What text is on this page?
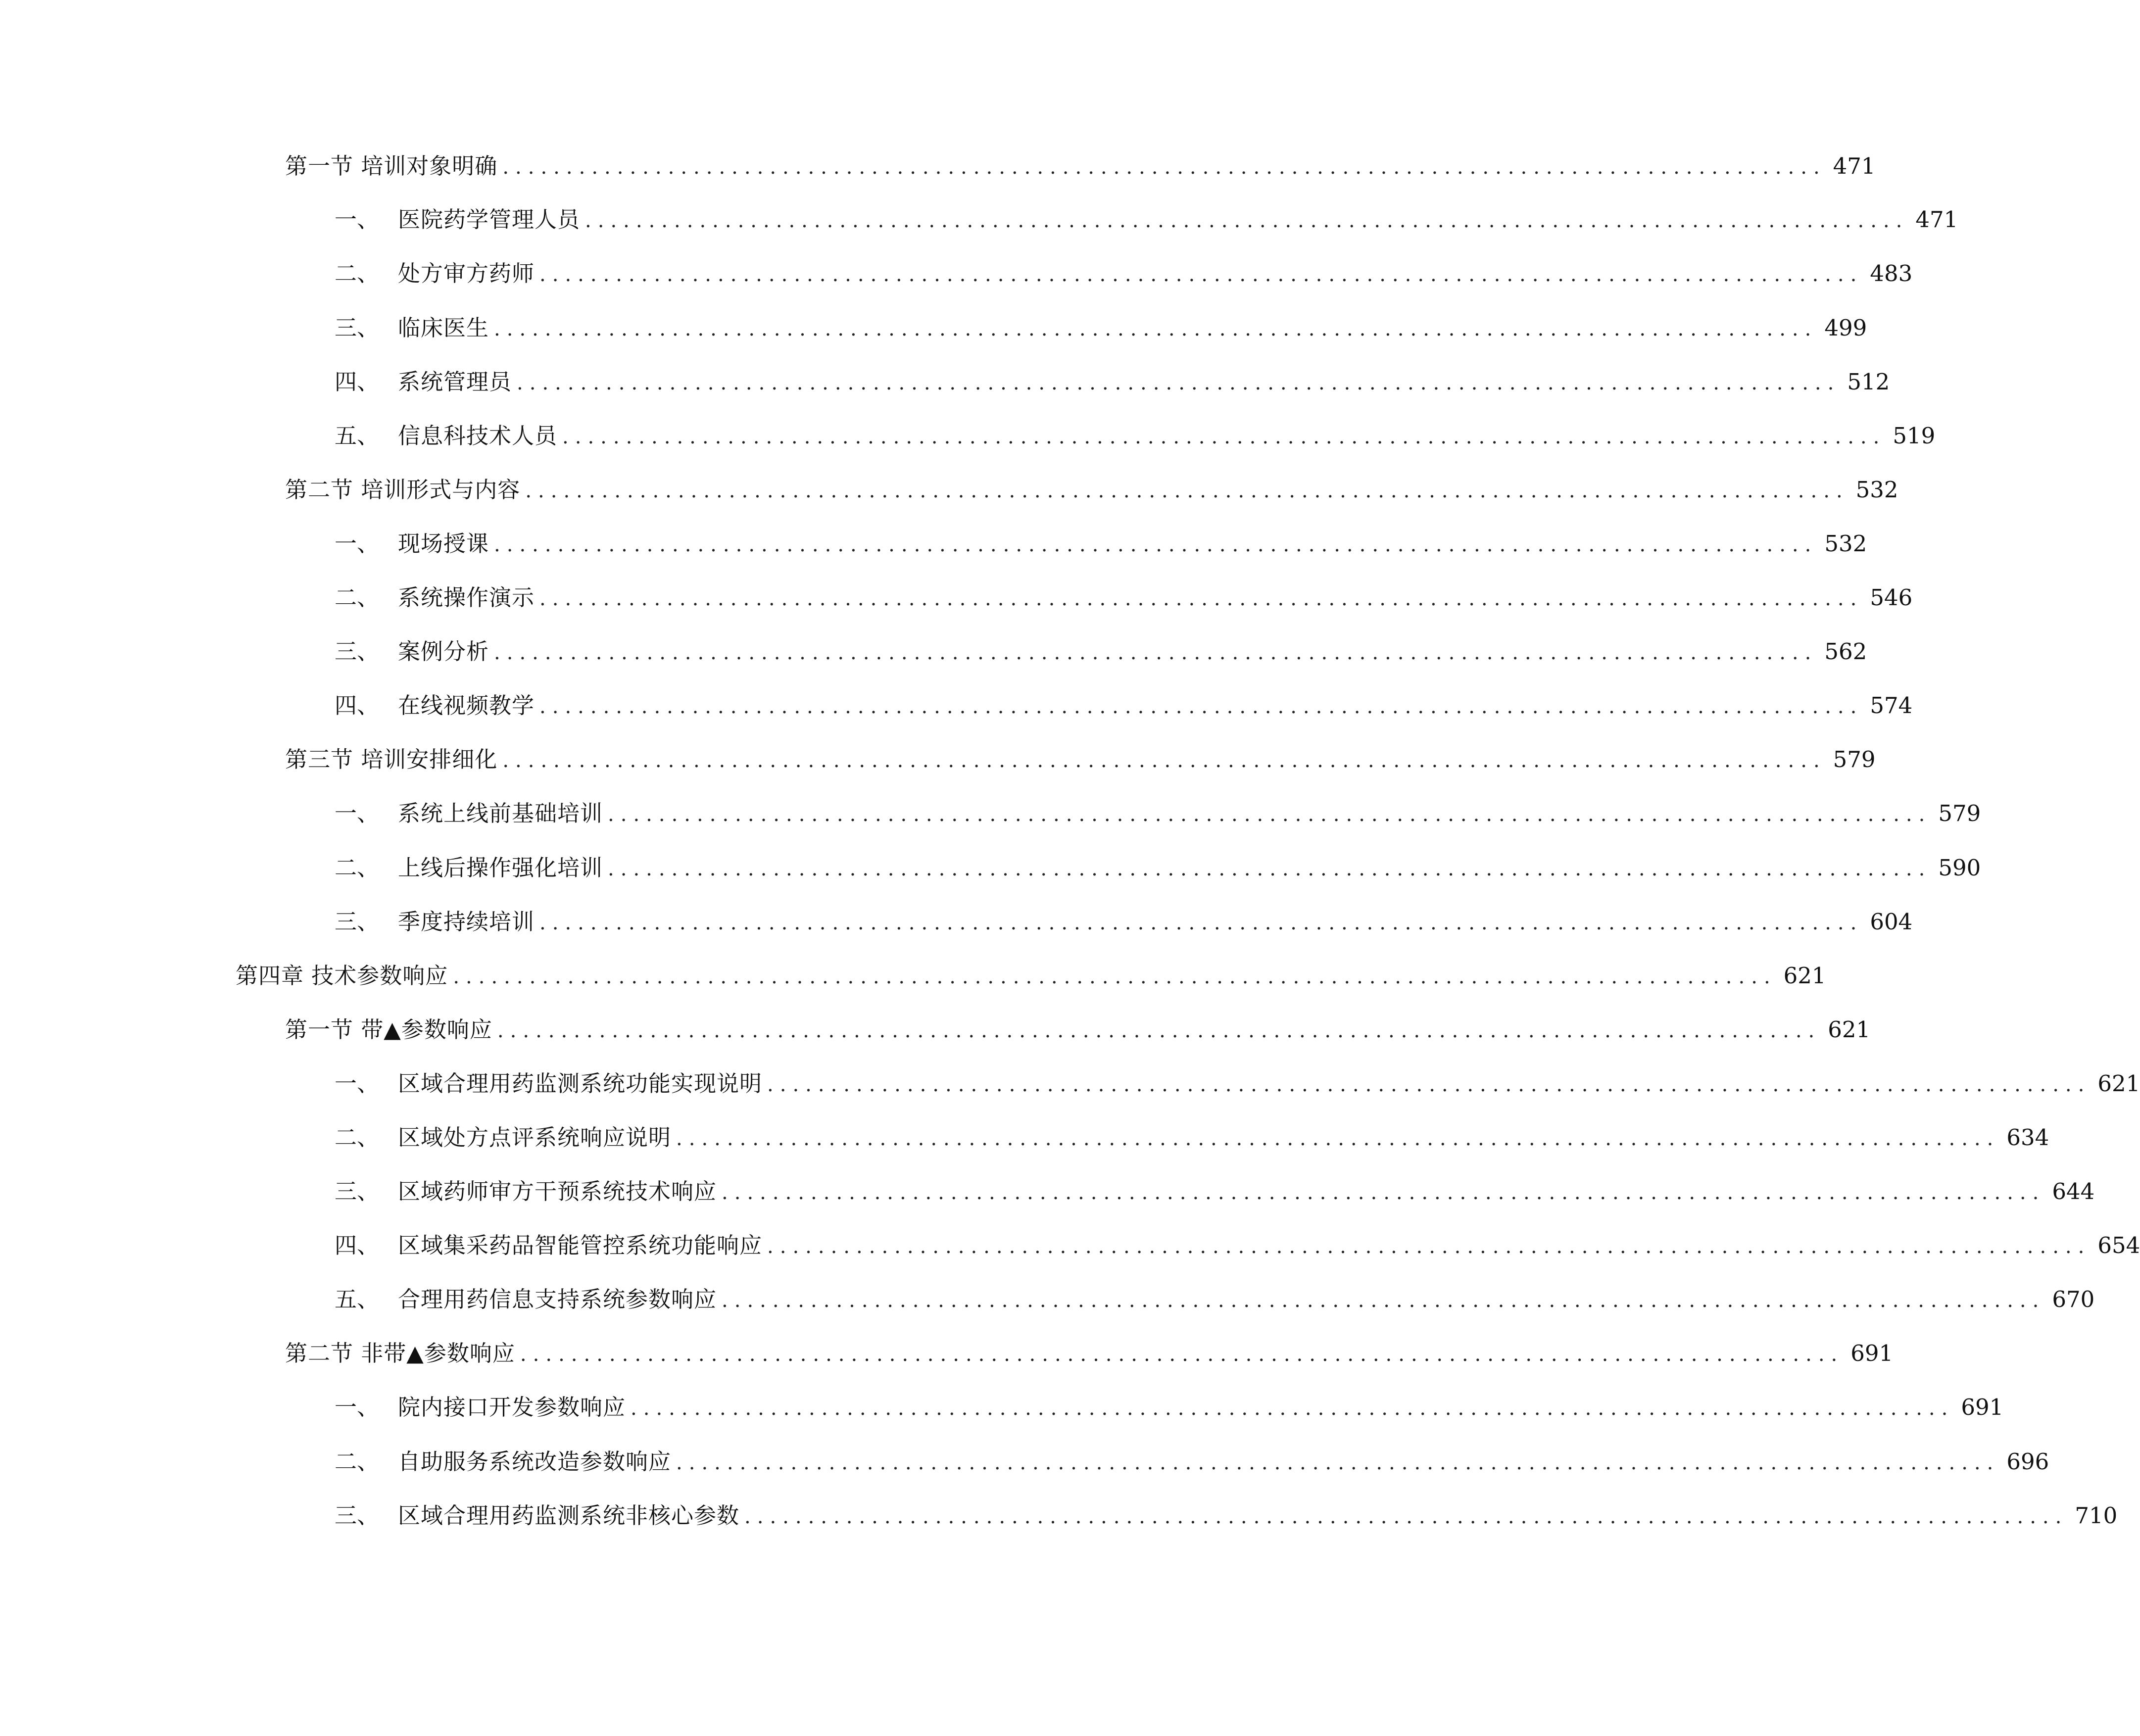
第一节 培训对象明确 ........................................................................................................ 471
一、 医院药学管理人员 ........................................................................................................ 471
二、 处方审方药师 ........................................................................................................ 483
三、 临床医生 ........................................................................................................ 499
四、 系统管理员 ........................................................................................................ 512
五、 信息科技术人员 ........................................................................................................ 519
第二节 培训形式与内容 ........................................................................................................ 532
一、 现场授课 ........................................................................................................ 532
二、 系统操作演示 ........................................................................................................ 546
三、 案例分析 ........................................................................................................ 562
四、 在线视频教学 ........................................................................................................ 574
第三节 培训安排细化 ........................................................................................................ 579
一、 系统上线前基础培训 ........................................................................................................ 579
二、 上线后操作强化培训 ........................................................................................................ 590
三、 季度持续培训 ........................................................................................................ 604
第四章 技术参数响应 ........................................................................................................ 621
第一节 带▲参数响应 ........................................................................................................ 621
一、 区域合理用药监测系统功能实现说明 ........................................................................................................ 621
二、 区域处方点评系统响应说明 ........................................................................................................ 634
三、 区域药师审方干预系统技术响应 ........................................................................................................ 644
四、 区域集采药品智能管控系统功能响应 ........................................................................................................ 654
五、 合理用药信息支持系统参数响应 ........................................................................................................ 670
第二节 非带▲参数响应 ........................................................................................................ 691
一、 院内接口开发参数响应 ........................................................................................................ 691
二、 自助服务系统改造参数响应 ........................................................................................................ 696
三、 区域合理用药监测系统非核心参数 ........................................................................................................ 710
